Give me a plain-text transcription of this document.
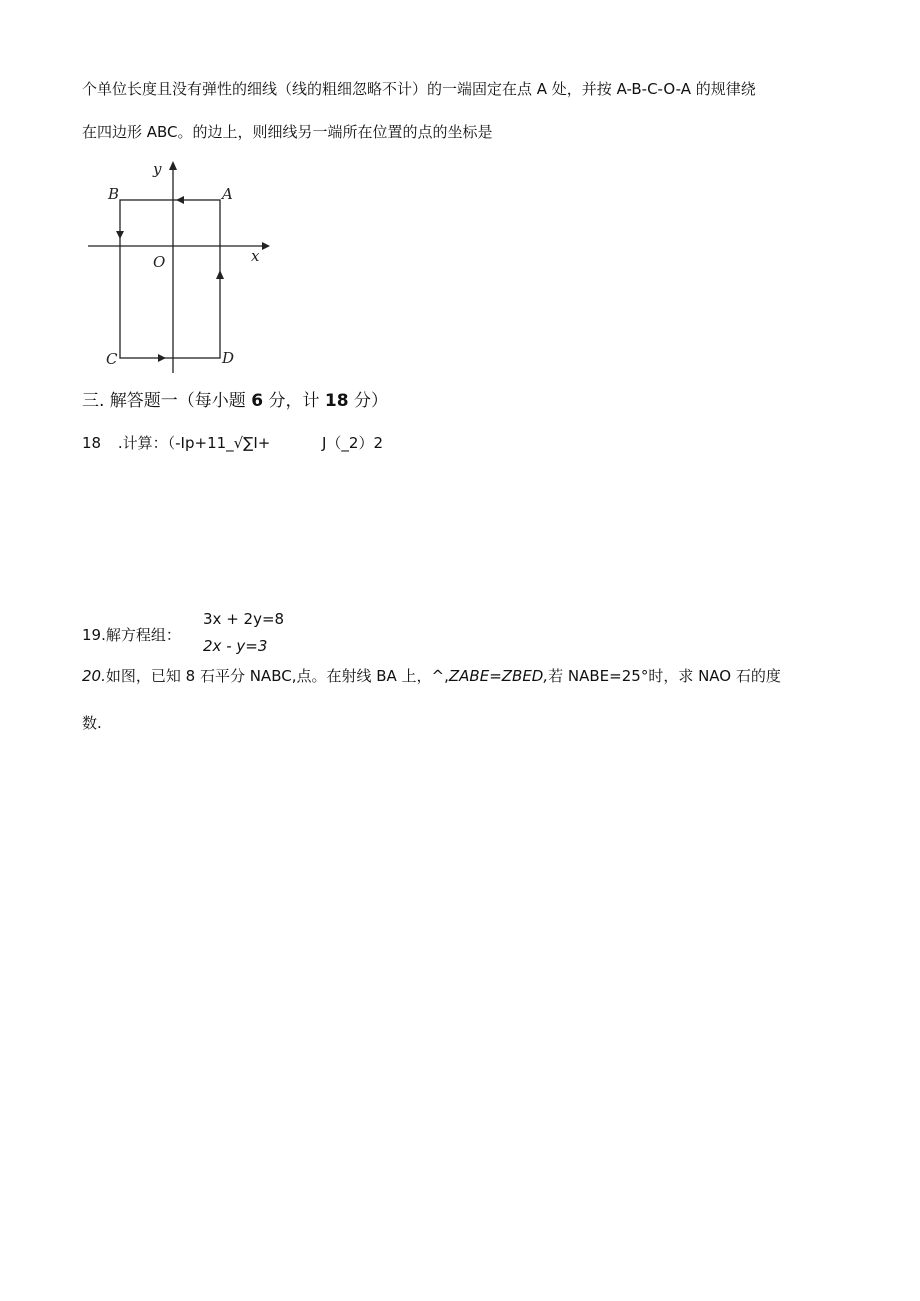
个单位长度且没有弹性的细线（线的粗细忽略不计）的一端固定在点 A 处，并按 A-B-C-O-A 的规律绕
在四边形 ABC。的边上，则细线另一端所在位置的点的坐标是
y
x
O
A
B
C	D
三. 解答题一（每小题 6 分，计 18 分）
18 .计算：（-Ip+11_√∑I+	J（_2）2
19.解方程组：
3x + 2y=8
2x - y=3
20.如图，已知 8 石平分 NABC,点。在射线 BA 上，^,ZABE=ZBED,若 NABE=25°时，求 NAO 石的度
数.
